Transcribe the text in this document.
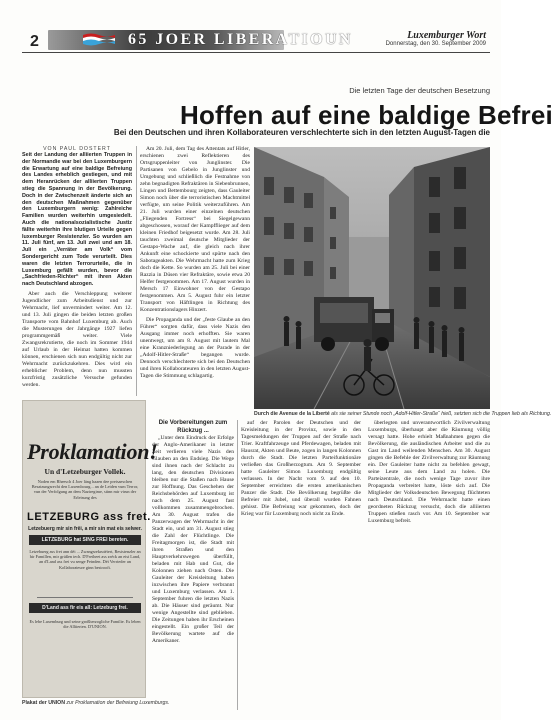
2	65 JOER LIBERATIOUN	Luxemburger Wort
Donnerstag, den 30. September 2009
Die letzten Tage der deutschen Besetzung
Hoffen auf eine baldige Befrei
Bei den Deutschen und ihren Kollaborateuren verschlechterte sich in den letzten August-Tagen die

VON PAUL DOSTERT

Seit der Landung der alliierten Truppen in der Normandie war bei den Luxemburgern die Erwartung auf eine baldige Befreiung des Landes erheblich gestiegen, und mit dem Heranrücken der alliierten Truppen stieg die Spannung in der Bevölkerung. Doch in der Zwischenzeit änderte sich an den deutschen Maßnahmen gegenüber den Luxemburgern wenig: Zahlreiche Familien wurden weiterhin umgesiedelt. Auch die nationalsozialistische Justiz fällte weiterhin ihre blutigen Urteile gegen luxemburger Resistenzler. So wurden am 11. Juli fünf, am 13. Juli zwei und am 18. Juli ein „Verräter am Volk“ vom Sondergericht zum Tode verurteilt. Dies waren die letzten Terrorurteile, die in Luxemburg gefällt wurden, bevor die „Sachfrieden-Richter“ mit ihren Akten nach Deutschland abzogen.

Aber auch die Verschleppung weiterer Jugendlicher zum Arbeitsdienst und zur Wehrmacht, lief unvermindert weiter. Am 12. und 13. Juli gingen die beiden letzten großen Transporte vom Bahnhof Luxemburg ab. Auch die Musterungen der Jahrgänge 1927 liefen programmgemäß weiter. Viele Zwangsrekrutierte, die noch im Sommer 1944 auf Urlaub in der Heimat hatten kommen können, erschienen sich nun endgültig nicht zur Wehrmacht zurückzukehren. Dies wird ein erheblicher Problem, denn nun mussten kurzfristig zusätzliche Versuche gefunden werden.

Am 20. Juli, dem Tag des Attentats auf Hitler, erschienen zwei Reflektieren des Ortsgruppenleiter von Junglinster. Die Partisanen von Gebelo in Junglinster und Umgebung und schließlich die Festnahme von zehn begnadigten Refraktären in Siebenbrunnen, Lingen und Bettembourg zeigten, dass Gauleiter Simon noch über die terroristischen Machtmittel verfügte, um seine Politik weiterzuführen. Am 21. Juli wurden einer einzelnen deutschen „Fliegenden Fortress“ bei Siegelgewann abgeschossen, worauf der Kampfflieger auf dem kleinen Friedhof beigesetzt wurde. Am 28. Juli tauchten zweimal deutsche Mitglieder der Gestapo-Wache auf, die gleich nach ihrer Ankunft eine schockierte und spürte nach den Sabotageakten. Die Wehrmacht hatte zum Krieg doch die Kette. So wurden am 25. Juli bei einer Razzia in Düsen vier Refraktäre, sowie etwa 20 Helfer festgenommen. Am 17. August wurden in Mersch 17 Einwohner von der Gestapo festgenommen. Am 5. August fuhr ein letzter Transport von Häftlingen in Richtung des Konzentrationslagers Hinzert.

Die Propaganda und der „feste Glaube an den Führer“ sorgten dafür, dass viele Nazis den Ausgang immer noch erhofften. Sie waren unentwegt, um am 8. August mit lautem Mal eine Kranzniederlegung an der Parade in der „Adolf-Hitler-Straße“ begangen wurde. Dennoch verschlechterte sich bei den Deutschen und ihren Kollaborateuren in den letzten August-Tagen die Stimmung schlagartig.

Durch die Avenue de la Liberté als sie seiner Stunde noch „Adolf-Hitler-Straße“ hieß, setzten sich die Truppen lieb als Richtung.
Proklamation!
Un d'Letzeburger Vollek.
Noden em Rheesch 4 Joer läng haaen dee preisaeschen Besatzungsrecht den Luxembourg... an de Leiden vum Terror, vun der Verfolgung an dem Naziregime, stinn mir virun der Erleisung des
LETZEBURG ass fret.
Letzebuerg mir sin frëi, a mir sin mat eis selwer.
LETZEBURG hat SING FREI bereten.
Letzebuerg ass fret ann déi ... Zwangsrekrutéiert, Resistenzler an hir Famillen, mir grüßen iech. D'Freiheet ass zréck an eist Land, an d'Land ass frei vu senge Feinden. Déi Verrieder an Kollaborateure ginn bestrooft.
D'Land ass fir eis all: Letzeburg frei.
Es lebe Luxemburg und seine großherzogliche Familie. Es leben die Alliierten. D'UNION.
Plakat der UNION zur Proklamation der Befreiung Luxemburgs.

Die Vorbereitungen zum Rückzug ...

„Unter dem Eindruck der Erfolge der Anglo-Amerikaner in letzter Zeit verlieren viele Nazis den Glauben an den Endsieg. Die Wege sind ihnen nach der Schlacht zu lang, den deutschen Divisionen bleiben nur die Staßen nach Hause zur Hoffnung. Das Geschehen der Reichsbehörden auf Luxemburg ist nach dem 25. August fast vollkommen zusammengebrochen. Am 30. August trafen die Panzerwagen der Wehrmacht in der Stadt ein, und am 31. August stieg die Zahl der Flüchtlinge. Die Freitagmorgen ist, die Stadt mit ihren Straßen und den Hauptverkehrswegen überfüllt, beladen mit Hab und Gut, die Kolonnen ziehen nach Osten. Die Gauleiter der Kreisleitung haben inzwischen ihre Papiere verbrannt und Luxemburg verlassen. Am 1. September fuhren die letzten Nazis ab. Die Häuser sind geräumt. Nur wenige Angestellte sind geblieben. Die Zeitungen haben ihr Erscheinen eingestellt. Ein großer Teil der Bevölkerung wartete auf die Amerikaner.

auf der Parolen der Deutschen und der Kreisleitung in der Provinz, sowie in den Tagesmeldungen der Truppen auf der Straße nach Trier. Kraftfahrzeuge und Pferdewagen, beladen mit Hausrat, Akten und Beute, zogen in langen Kolonnen durch die Stadt. Die letzten Parteifunktionäre verließen das Großherzogtum. Am 9. September hatte Gauleiter Simon Luxemburg endgültig verlassen. In der Nacht vom 9. auf den 10. September erreichten die ersten amerikanischen Panzer die Stadt. Die Bevölkerung begrüßte die Befreier mit Jubel, und überall wurden Fahnen gehisst. Die Befreiung war gekommen, doch der Krieg war für Luxemburg noch nicht zu Ende.

überlegten und unverantwortlich Zivilverwaltung Luxemburgs, überhaupt aber die Räumung völlig versagt hatte. Hohe erhielt Maßnahmen gegen die Bevölkerung, die ausländischen Arbeiter und die zu Gast im Land weilenden Menschen. Am 30. August gingen die Befehle der Zivilverwaltung zur Räumung ein. Der Gauleiter hatte nicht zu befehlen gewagt, seine Leute aus dem Land zu holen. Die Parteizentrale, die noch wenige Tage zuvor ihre Propaganda verbreitet hatte, löste sich auf. Die Mitglieder der Volksdeutschen Bewegung flüchteten nach Deutschland. Die Wehrmacht hatte einen geordneten Rückzug versucht, doch die alliierten Truppen stießen rasch vor. Am 10. September war Luxemburg befreit.
